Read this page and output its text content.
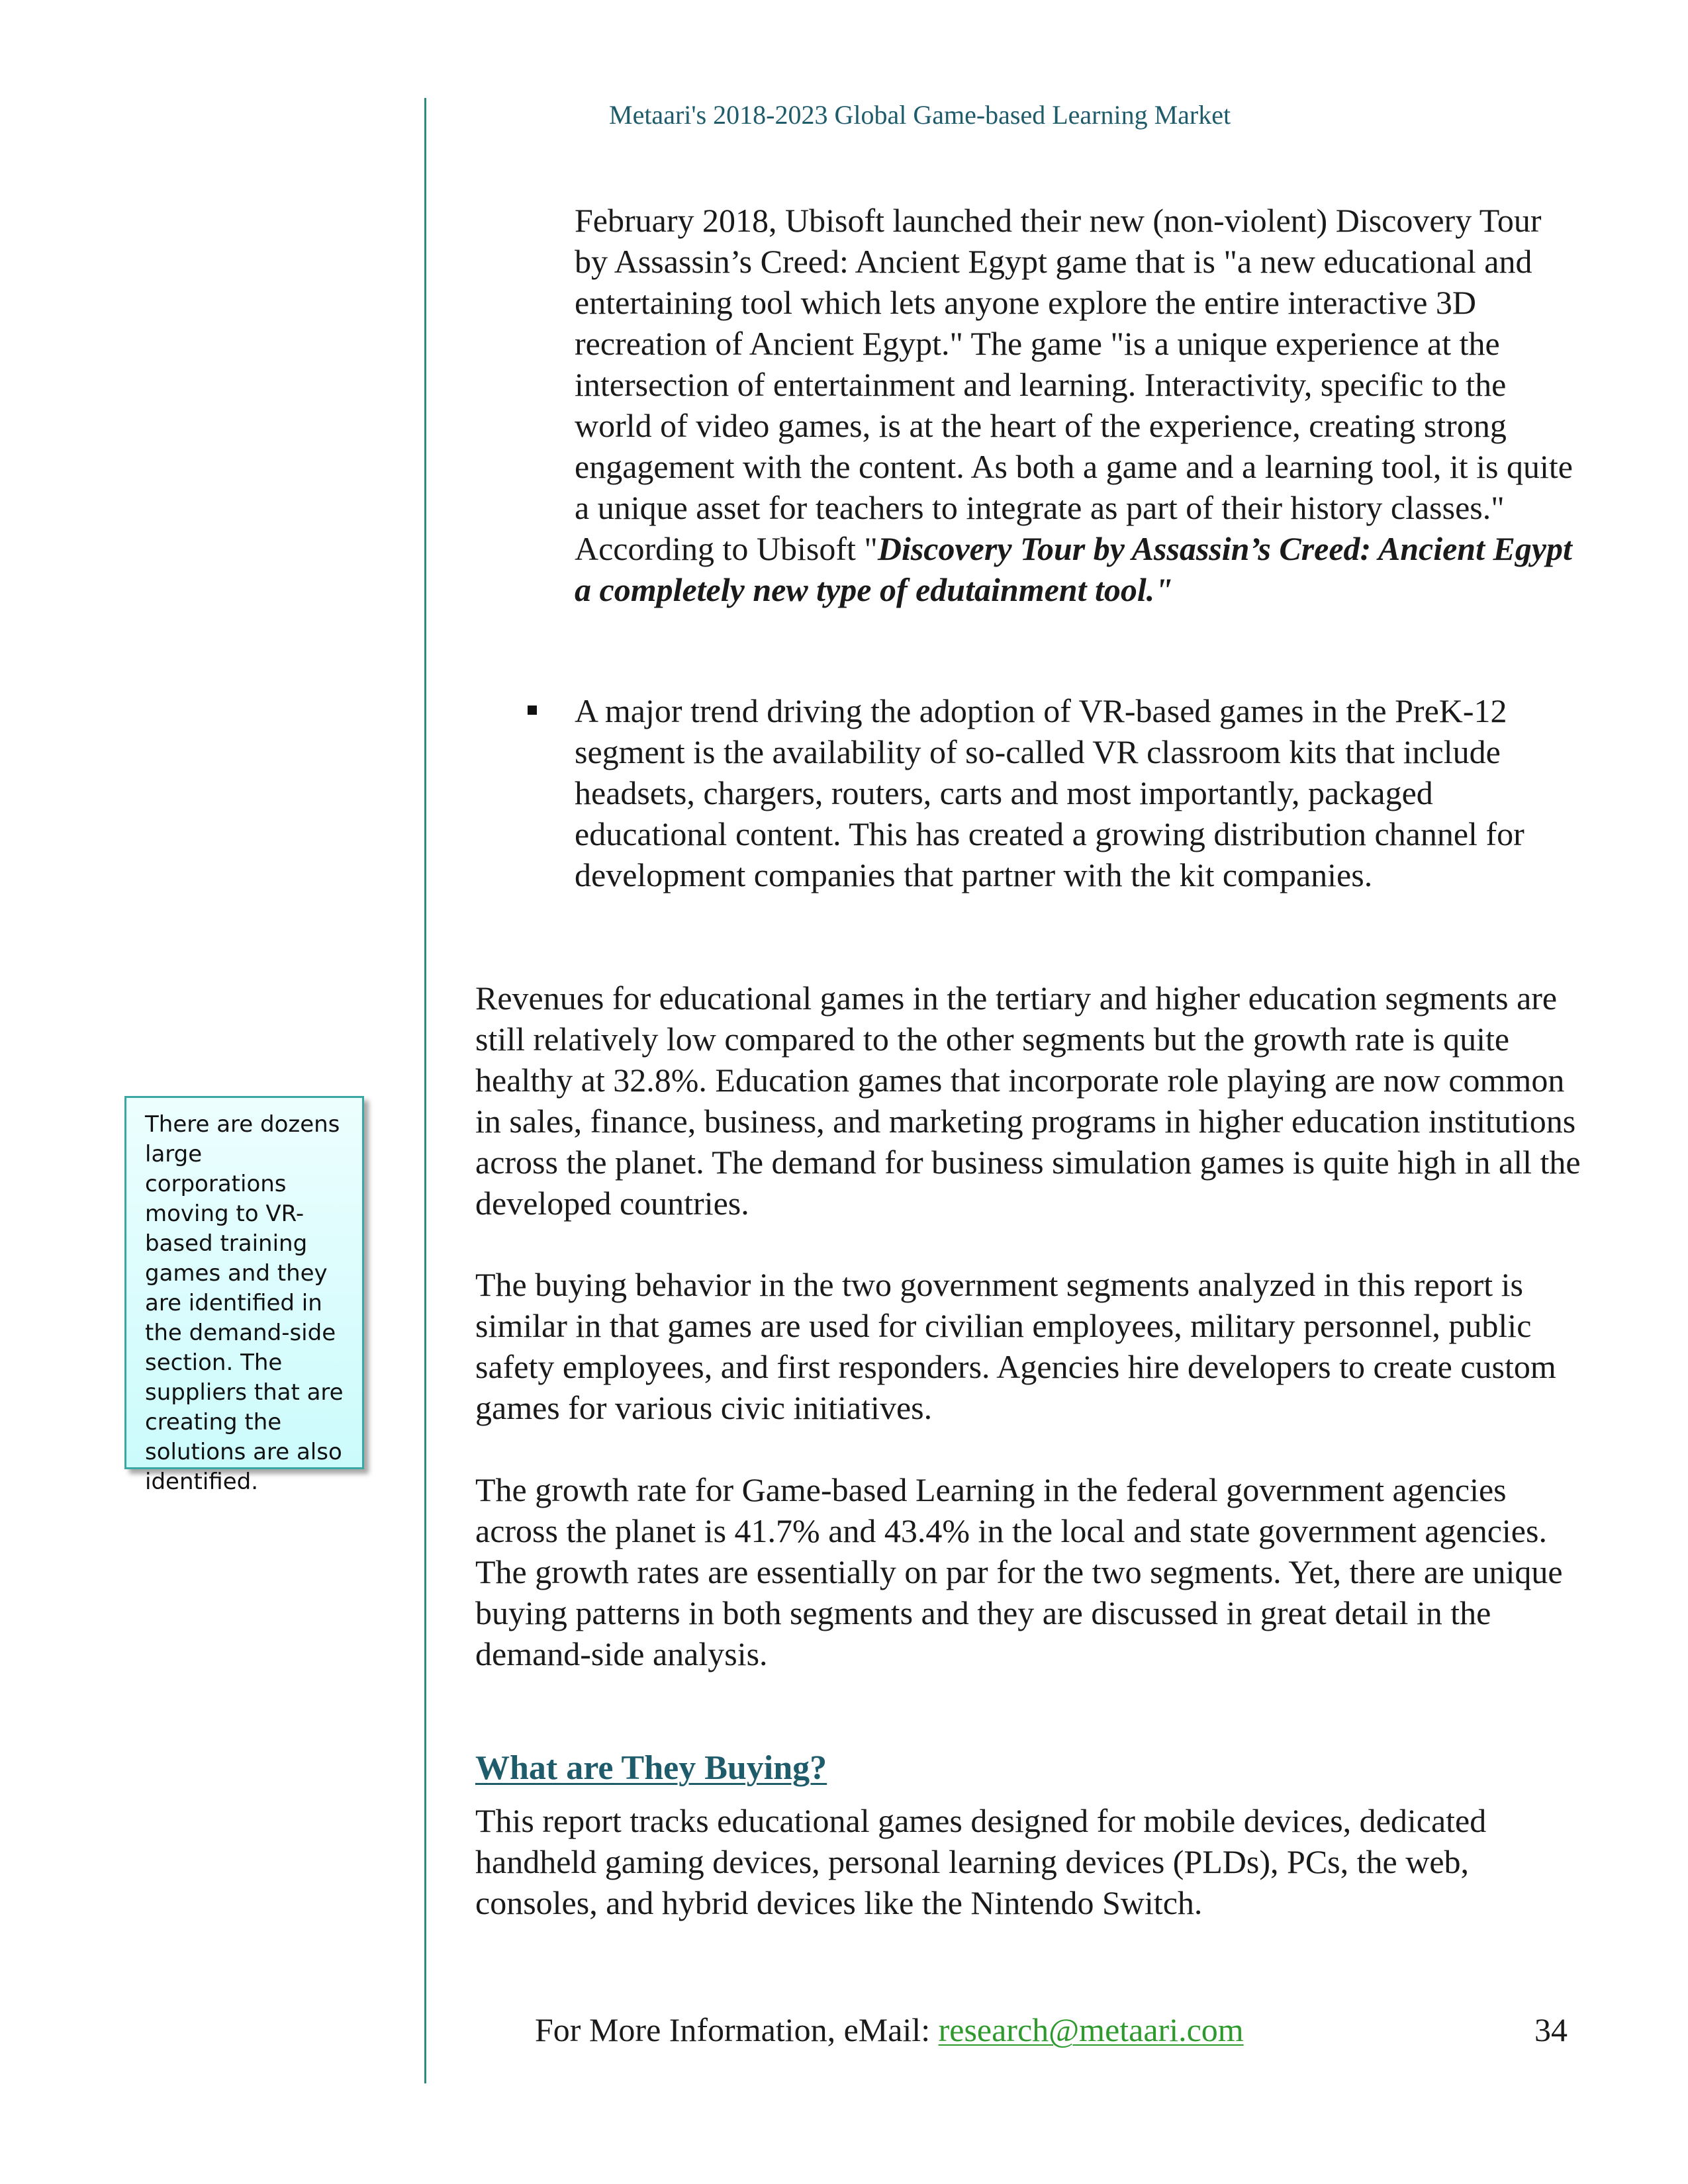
Metaari's 2018-2023 Global Game-based Learning Market

February 2018, Ubisoft launched their new (non-violent) Discovery Tour by Assassin’s Creed: Ancient Egypt game that is "a new educational and entertaining tool which lets anyone explore the entire interactive 3D recreation of Ancient Egypt." The game "is a unique experience at the intersection of entertainment and learning. Interactivity, specific to the world of video games, is at the heart of the experience, creating strong engagement with the content. As both a game and a learning tool, it is quite a unique asset for teachers to integrate as part of their history classes." According to Ubisoft "Discovery Tour by Assassin’s Creed: Ancient Egypt a completely new type of edutainment tool."

A major trend driving the adoption of VR-based games in the PreK-12 segment is the availability of so-called VR classroom kits that include headsets, chargers, routers, carts and most importantly, packaged educational content. This has created a growing distribution channel for development companies that partner with the kit companies.

Revenues for educational games in the tertiary and higher education segments are still relatively low compared to the other segments but the growth rate is quite healthy at 32.8%. Education games that incorporate role playing are now common in sales, finance, business, and marketing programs in higher education institutions across the planet. The demand for business simulation games is quite high in all the developed countries.

The buying behavior in the two government segments analyzed in this report is similar in that games are used for civilian employees, military personnel, public safety employees, and first responders. Agencies hire developers to create custom games for various civic initiatives.

The growth rate for Game-based Learning in the federal government agencies across the planet is 41.7% and 43.4% in the local and state government agencies. The growth rates are essentially on par for the two segments. Yet, there are unique buying patterns in both segments and they are discussed in great detail in the demand-side analysis.

What are They Buying?

This report tracks educational games designed for mobile devices, dedicated handheld gaming devices, personal learning devices (PLDs), PCs, the web, consoles, and hybrid devices like the Nintendo Switch.

There are dozens
large corporations
moving to VR-
based training
games and they
are identified in
the demand-side
section. The
suppliers that are
creating the
solutions are also
identified.
For More Information, eMail: research@metaari.com	34
